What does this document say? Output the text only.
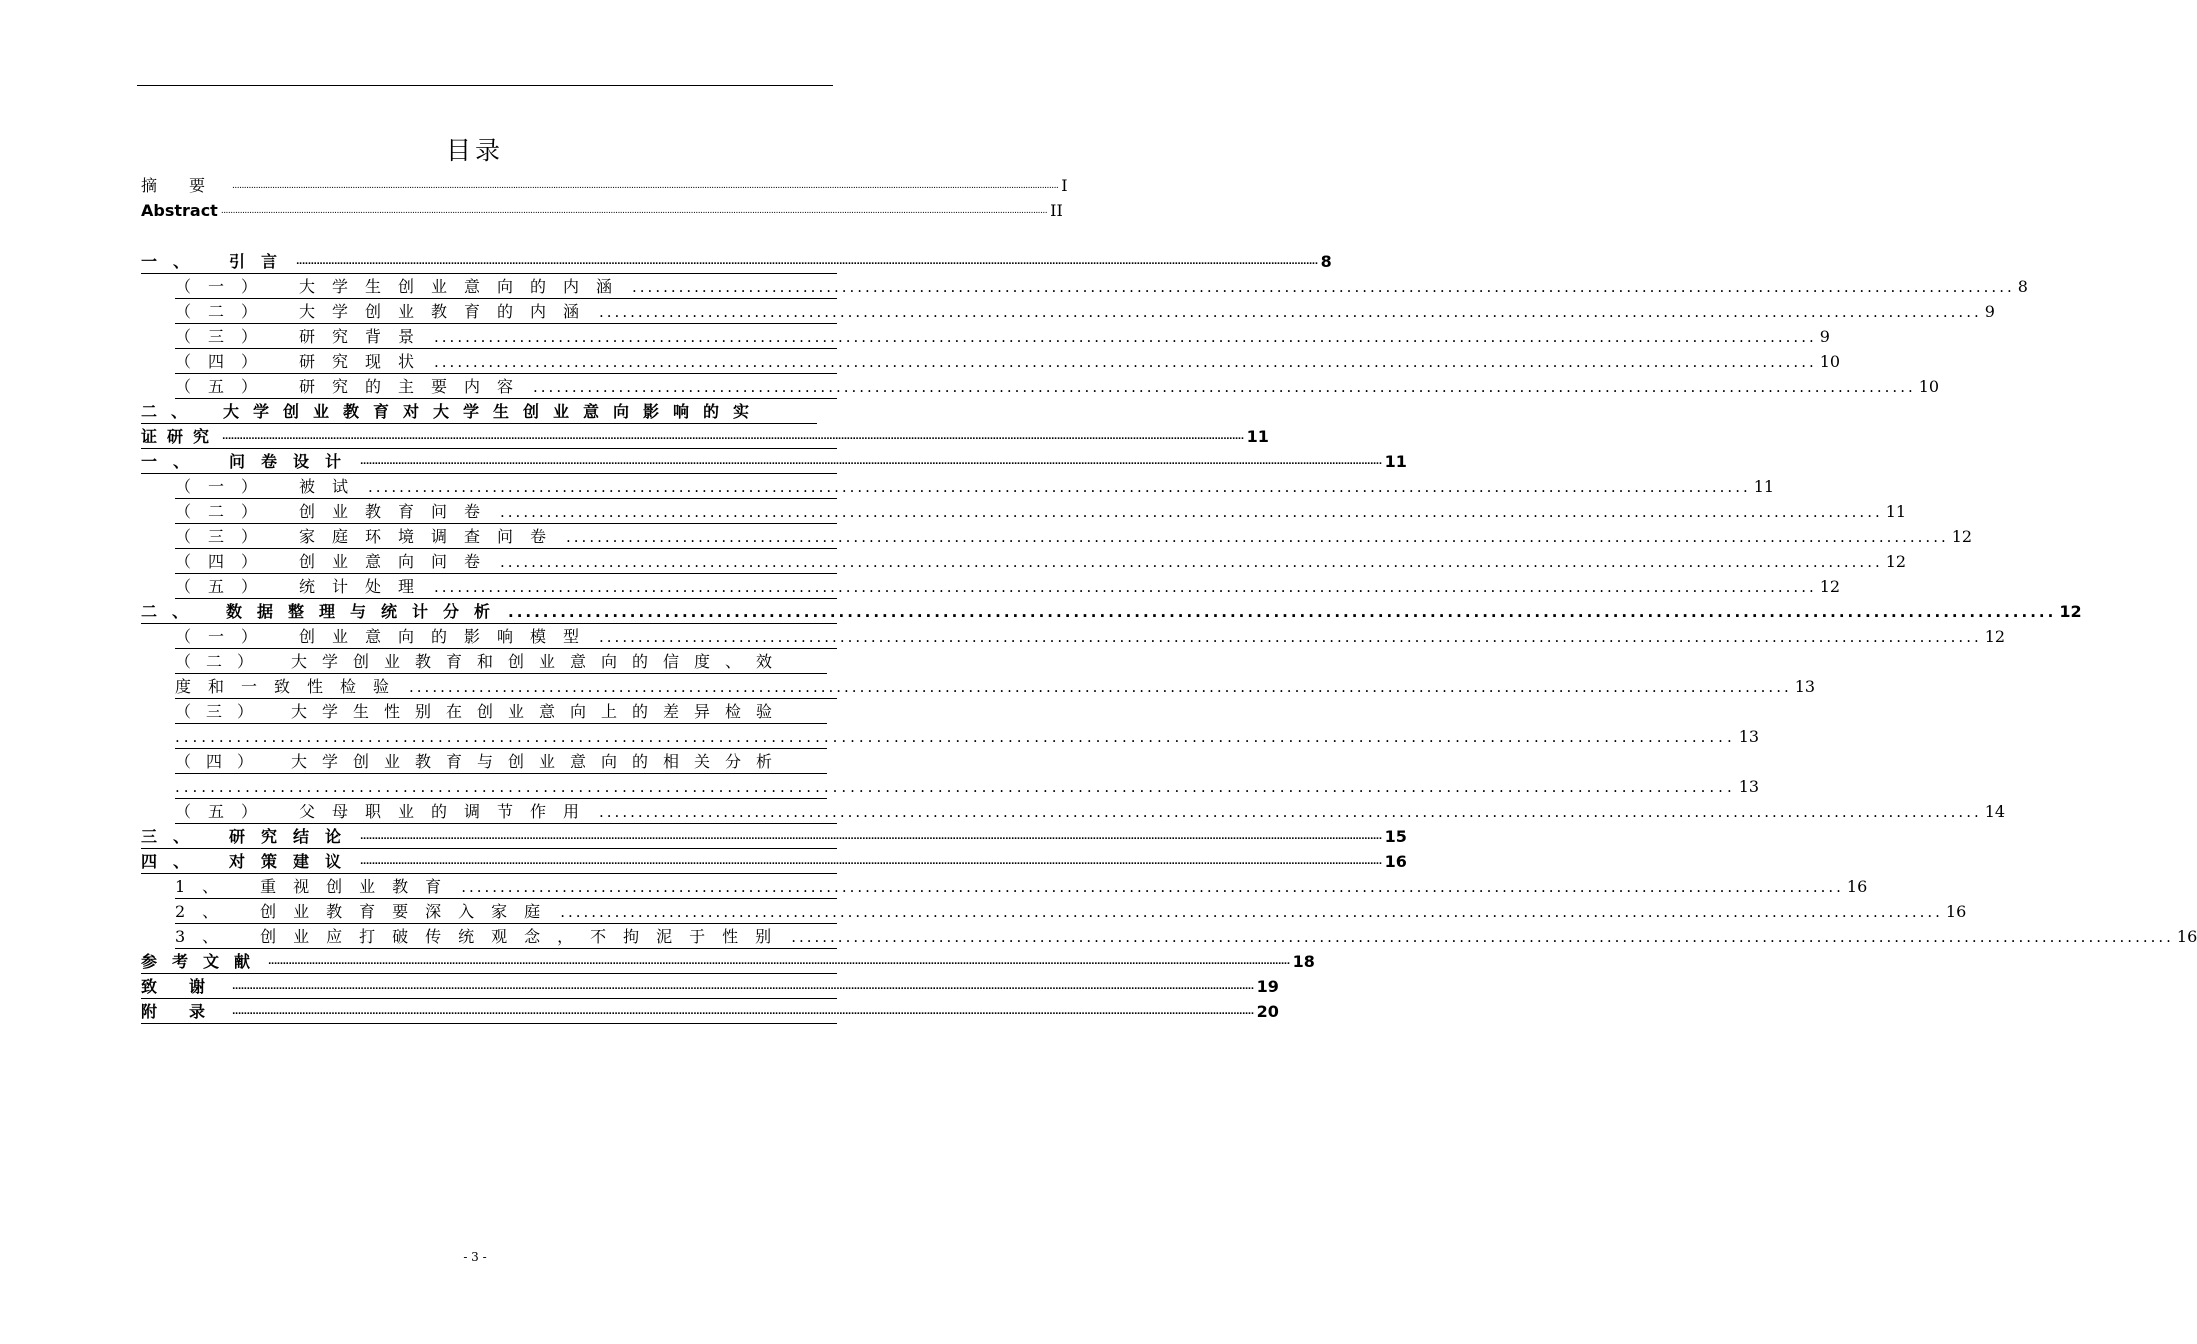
目录
摘　　要	.............................................................................................................................................................................................................................................................................................................................................................. I
Abstract .............................................................................................................................................................................................................................................................................................................................................................. II
一、　引言 .............................................................................................................................................................................................................................................................................................................................................................. 8
（一）　大学生创业意向的内涵 .................................................................................................................................................................................. 8
（二）　大学创业教育的内涵 .................................................................................................................................................................................. 9
（三）　研究背景 .................................................................................................................................................................................. 9
（四）　研究现状 .................................................................................................................................................................................. 10
（五）　研究的主要内容 .................................................................................................................................................................................. 10
二、　大学创业教育对大学生创业意向影响的实
证研究 .............................................................................................................................................................................................................................................................................................................................................................. 11
一、　问卷设计 .............................................................................................................................................................................................................................................................................................................................................................. 11
（一）　被试 .................................................................................................................................................................................. 11
（二）　创业教育问卷 .................................................................................................................................................................................. 11
（三）　家庭环境调查问卷 .................................................................................................................................................................................. 12
（四）　创业意向问卷 .................................................................................................................................................................................. 12
（五）　统计处理 .................................................................................................................................................................................. 12
二、　数据整理与统计分析 .................................................................................................................................................................................. 12
（一）　创业意向的影响模型 .................................................................................................................................................................................. 12
（二）　大学创业教育和创业意向的信度、效
度和一致性检验 .................................................................................................................................................................................. 13
（三）　大学生性别在创业意向上的差异检验
.................................................................................................................................................................................. 13
（四）　大学创业教育与创业意向的相关分析
.................................................................................................................................................................................. 13
（五）　父母职业的调节作用 .................................................................................................................................................................................. 14
三、　研究结论 .............................................................................................................................................................................................................................................................................................................................................................. 15
四、　对策建议 .............................................................................................................................................................................................................................................................................................................................................................. 16
1、　重视创业教育 .................................................................................................................................................................................. 16
2、　创业教育要深入家庭 .................................................................................................................................................................................. 16
3、　创业应打破传统观念，不拘泥于性别 .................................................................................................................................................................................. 16
参考文献 .............................................................................................................................................................................................................................................................................................................................................................. 18
致　　谢	.............................................................................................................................................................................................................................................................................................................................................................. 19
附　　录	.............................................................................................................................................................................................................................................................................................................................................................. 20
- 3 -
